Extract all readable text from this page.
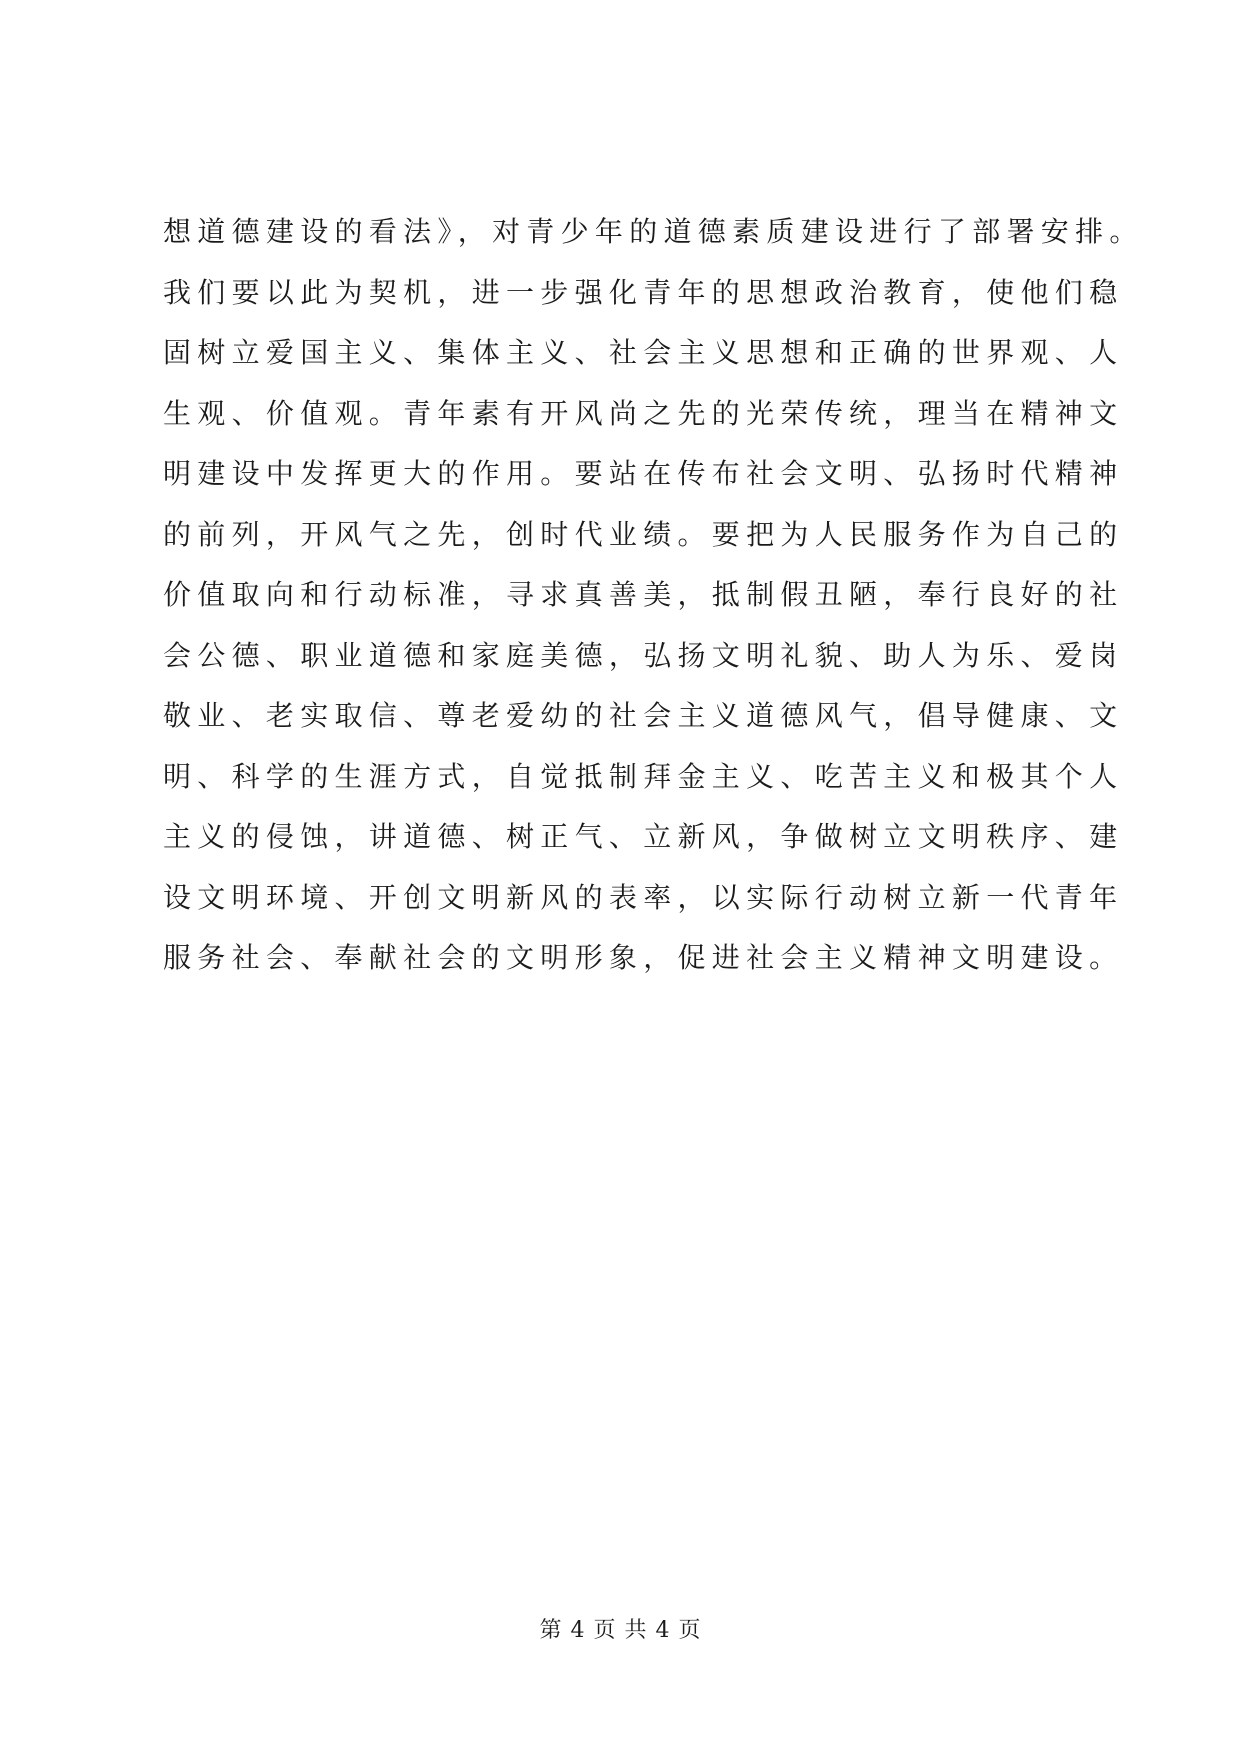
想道德建设的看法》，对青少年的道德素质建设进行了部署安排。
我们要以此为契机，进一步强化青年的思想政治教育，使他们稳
固树立爱国主义、集体主义、社会主义思想和正确的世界观、人
生观、价值观。青年素有开风尚之先的光荣传统，理当在精神文
明建设中发挥更大的作用。要站在传布社会文明、弘扬时代精神
的前列，开风气之先，创时代业绩。要把为人民服务作为自己的
价值取向和行动标准，寻求真善美，抵制假丑陋，奉行良好的社
会公德、职业道德和家庭美德，弘扬文明礼貌、助人为乐、爱岗
敬业、老实取信、尊老爱幼的社会主义道德风气，倡导健康、文
明、科学的生涯方式，自觉抵制拜金主义、吃苦主义和极其个人
主义的侵蚀，讲道德、树正气、立新风，争做树立文明秩序、建
设文明环境、开创文明新风的表率，以实际行动树立新一代青年
服务社会、奉献社会的文明形象，促进社会主义精神文明建设。
第 4 页 共 4 页
